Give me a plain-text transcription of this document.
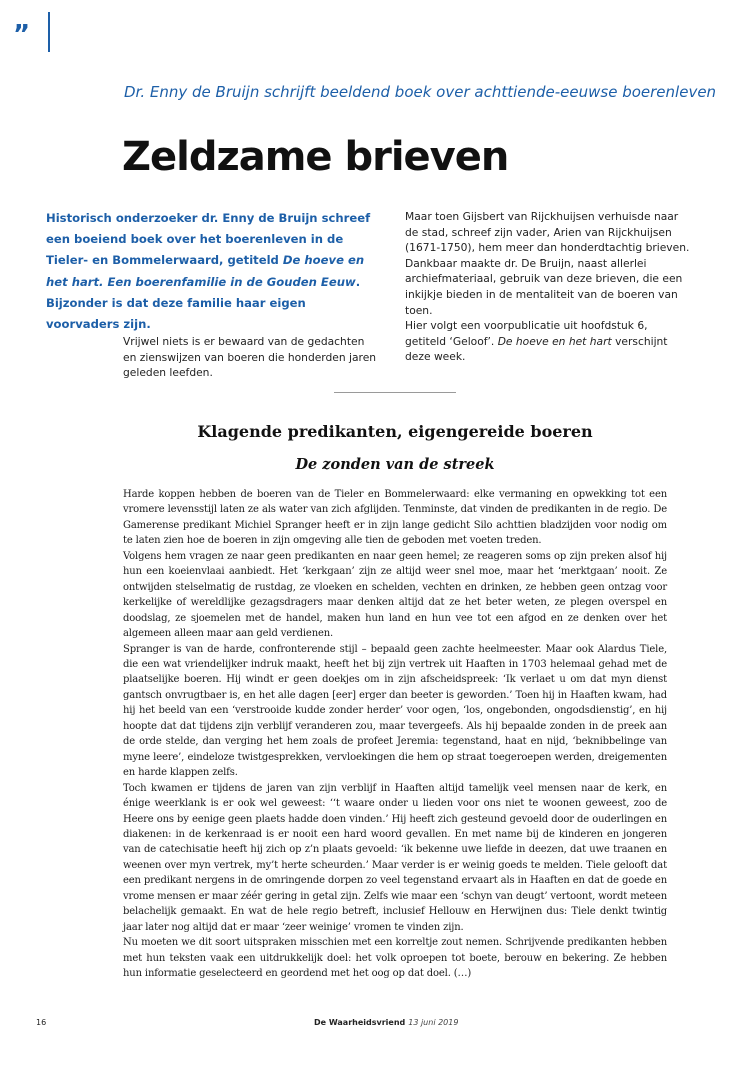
”
Dr. Enny de Bruijn schrijft beeldend boek over achttiende-eeuwse boerenleven
Zeldzame brieven

Historisch onderzoeker dr. Enny de Bruijn schreef een boeiend boek over het boerenleven in de Tieler- en Bommelerwaard, getiteld De hoeve en het hart. Een boerenfamilie in de Gouden Eeuw. Bijzonder is dat deze familie haar eigen voorvaders zijn.

Vrijwel niets is er bewaard van de gedachten en zienswijzen van boeren die honderden jaren geleden leefden.

Maar toen Gijsbert van Rijckhuijsen verhuisde naar de stad, schreef zijn vader, Arien van Rijckhuijsen (1671-1750), hem meer dan honderdtachtig brieven. Dankbaar maakte dr. De Bruijn, naast allerlei archiefmateriaal, gebruik van deze brieven, die een inkijkje bieden in de mentaliteit van de boeren van toen.
Hier volgt een voorpublicatie uit hoofdstuk 6, getiteld ‘Geloof’. De hoeve en het hart verschijnt deze week.
Klagende predikanten, eigengereide boeren
De zonden van de streek

Harde koppen hebben de boeren van de Tieler en Bommelerwaard: elke vermaning en opwekking tot een vromere levensstijl laten ze als water van zich afglijden. Tenminste, dat vinden de predikanten in de regio. De Gamerense predikant Michiel Spranger heeft er in zijn lange gedicht Silo achttien bladzijden voor nodig om te laten zien hoe de boeren in zijn omgeving alle tien de geboden met voeten treden.

Volgens hem vragen ze naar geen predikanten en naar geen hemel; ze reageren soms op zijn preken alsof hij hun een koeienvlaai aanbiedt. Het ‘kerkgaan’ zijn ze altijd weer snel moe, maar het ‘merktgaan’ nooit. Ze ontwijden stelselmatig de rustdag, ze vloeken en schelden, vechten en drinken, ze hebben geen ontzag voor kerkelijke of wereldlijke gezagsdragers maar denken altijd dat ze het beter weten, ze plegen overspel en doodslag, ze sjoemelen met de handel, maken hun land en hun vee tot een afgod en ze denken over het algemeen alleen maar aan geld verdienen.

Spranger is van de harde, confronterende stijl – bepaald geen zachte heelmeester. Maar ook Alardus Tiele, die een wat vriendelijker indruk maakt, heeft het bij zijn vertrek uit Haaften in 1703 helemaal gehad met de plaatselijke boeren. Hij windt er geen doekjes om in zijn afscheidspreek: ‘Ik verlaet u om dat myn dienst gantsch onvrugtbaer is, en het alle dagen [eer] erger dan beeter is geworden.’ Toen hij in Haaften kwam, had hij het beeld van een ‘verstrooide kudde zonder herder’ voor ogen, ‘los, ongebonden, ongodsdienstig’, en hij hoopte dat dat tijdens zijn verblijf veranderen zou, maar tevergeefs. Als hij bepaalde zonden in de preek aan de orde stelde, dan verging het hem zoals de profeet Jeremia: tegenstand, haat en nijd, ‘beknibbelinge van myne leere’, eindeloze twistgesprekken, vervloekingen die hem op straat toegeroepen werden, dreigementen en harde klappen zelfs.

Toch kwamen er tijdens de jaren van zijn verblijf in Haaften altijd tamelijk veel mensen naar de kerk, en énige weerklank is er ook wel geweest: ‘‘t waare onder u lieden voor ons niet te woonen geweest, zoo de Heere ons by eenige geen plaets hadde doen vinden.’ Hij heeft zich gesteund gevoeld door de ouderlingen en diakenen: in de kerkenraad is er nooit een hard woord gevallen. En met name bij de kinderen en jongeren van de catechisatie heeft hij zich op z’n plaats gevoeld: ‘ik bekenne uwe liefde in deezen, dat uwe traanen en weenen over myn vertrek, my’t herte scheurden.’ Maar verder is er weinig goeds te melden. Tiele gelooft dat een predikant nergens in de omringende dorpen zo veel tegenstand ervaart als in Haaften en dat de goede en vrome mensen er maar zéér gering in getal zijn. Zelfs wie maar een ‘schyn van deugt’ vertoont, wordt meteen belachelijk gemaakt. En wat de hele regio betreft, inclusief Hellouw en Herwijnen dus: Tiele denkt twintig jaar later nog altijd dat er maar ‘zeer weinige’ vromen te vinden zijn.

Nu moeten we dit soort uitspraken misschien met een korreltje zout nemen. Schrijvende predikanten hebben met hun teksten vaak een uitdrukkelijk doel: het volk oproepen tot boete, berouw en bekering. Ze hebben hun informatie geselecteerd en geordend met het oog op dat doel. (…)

16	De Waarheidsvriend 13 juni 2019
